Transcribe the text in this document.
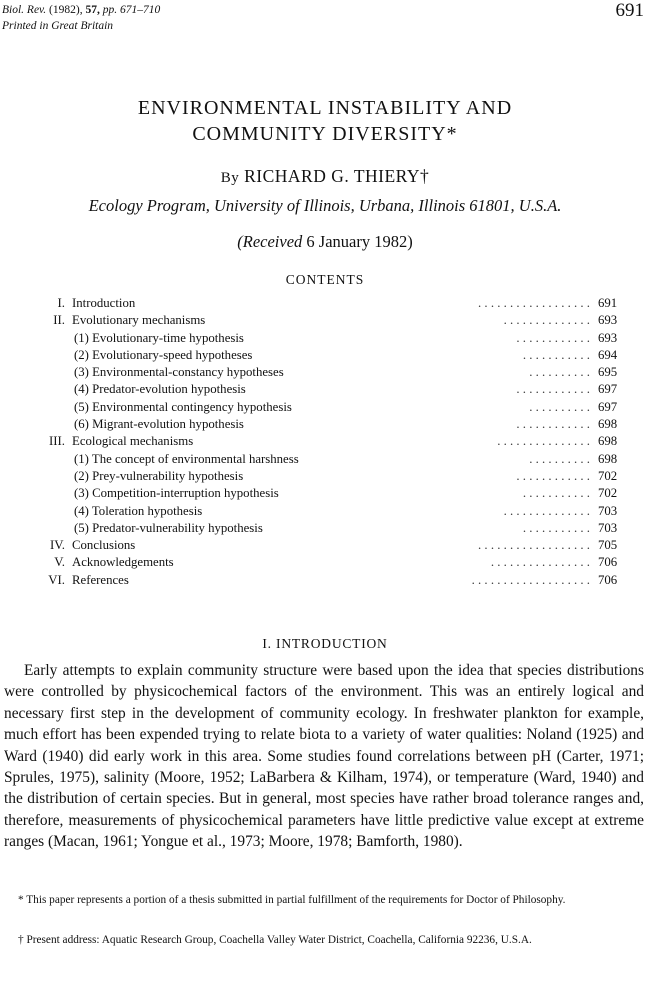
Biol. Rev. (1982), 57, pp. 671–710
Printed in Great Britain
691
ENVIRONMENTAL INSTABILITY AND
COMMUNITY DIVERSITY*
By RICHARD G. THIERY†
Ecology Program, University of Illinois, Urbana, Illinois 61801, U.S.A.
(Received 6 January 1982)
CONTENTS
I. Introduction	. . . . . . . . . . . . . . . . . . 691
II. Evolutionary mechanisms	. . . . . . . . . . . . . . 693
(1) Evolutionary-time hypothesis	. . . . . . . . . . . . 693
(2) Evolutionary-speed hypotheses	. . . . . . . . . . . 694
(3) Environmental-constancy hypotheses	. . . . . . . . . . 695
(4) Predator-evolution hypothesis	. . . . . . . . . . . . 697
(5) Environmental contingency hypothesis	. . . . . . . . . . 697
(6) Migrant-evolution hypothesis	. . . . . . . . . . . . 698
III. Ecological mechanisms	. . . . . . . . . . . . . . . 698
(1) The concept of environmental harshness	. . . . . . . . . . 698
(2) Prey-vulnerability hypothesis	. . . . . . . . . . . . 702
(3) Competition-interruption hypothesis	. . . . . . . . . . . 702
(4) Toleration hypothesis	. . . . . . . . . . . . . . 703
(5) Predator-vulnerability hypothesis	. . . . . . . . . . . 703
IV. Conclusions	. . . . . . . . . . . . . . . . . . 705
V. Acknowledgements	. . . . . . . . . . . . . . . . 706
VI. References	. . . . . . . . . . . . . . . . . . . 706
I. INTRODUCTION

Early attempts to explain community structure were based upon the idea that species distributions were controlled by physicochemical factors of the environment. This was an entirely logical and necessary first step in the development of community ecology. In freshwater plankton for example, much effort has been expended trying to relate biota to a variety of water qualities: Noland (1925) and Ward (1940) did early work in this area. Some studies found correlations between pH (Carter, 1971; Sprules, 1975), salinity (Moore, 1952; LaBarbera & Kilham, 1974), or temperature (Ward, 1940) and the distribution of certain species. But in general, most species have rather broad tolerance ranges and, therefore, measurements of physicochemical parameters have little predictive value except at extreme ranges (Macan, 1961; Yongue et al., 1973; Moore, 1978; Bamforth, 1980).

* This paper represents a portion of a thesis submitted in partial fulfillment of the requirements for Doctor of Philosophy.

† Present address: Aquatic Research Group, Coachella Valley Water District, Coachella, California 92236, U.S.A.
